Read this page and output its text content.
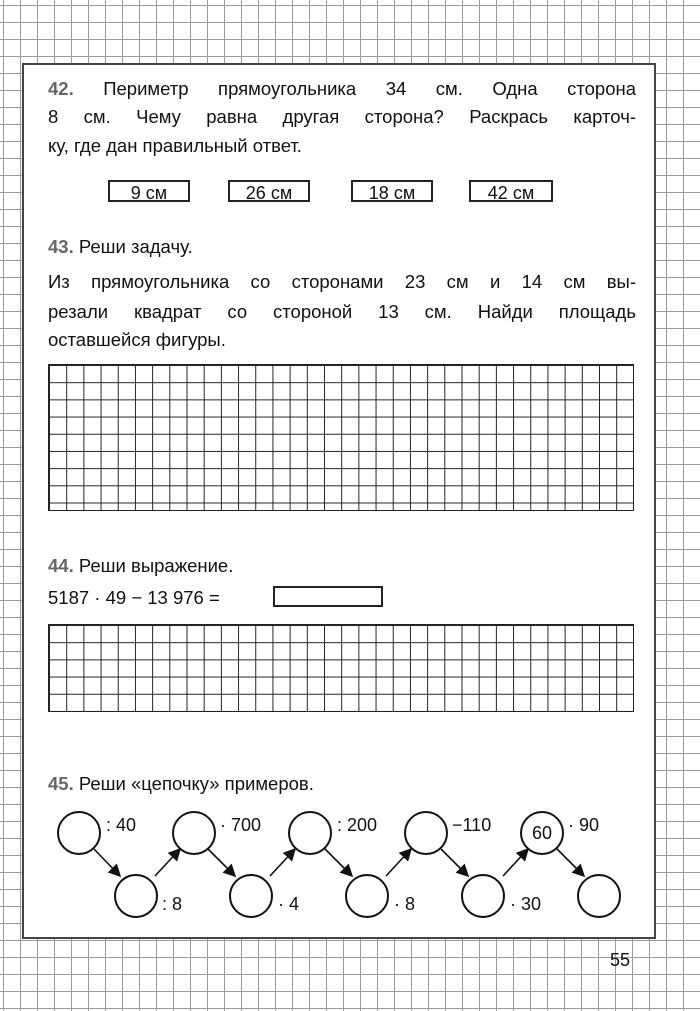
42. Периметр прямоугольника 34 см. Одна сторона
8 см. Чему равна другая сторона? Раскрась карточ-
ку, где дан правильный ответ.
9 см	26 см	18 см	42 см
43. Реши задачу.
Из прямоугольника со сторонами 23 см и 14 см вы-
резали квадрат со стороной 13 см. Найди площадь
оставшейся фигуры.
44. Реши выражение.
5187 · 49 − 13 976 =
45. Реши «цепочку» примеров.
60
: 40	· 700	: 200	−110	· 90
: 8	· 4	· 8	· 30
55
